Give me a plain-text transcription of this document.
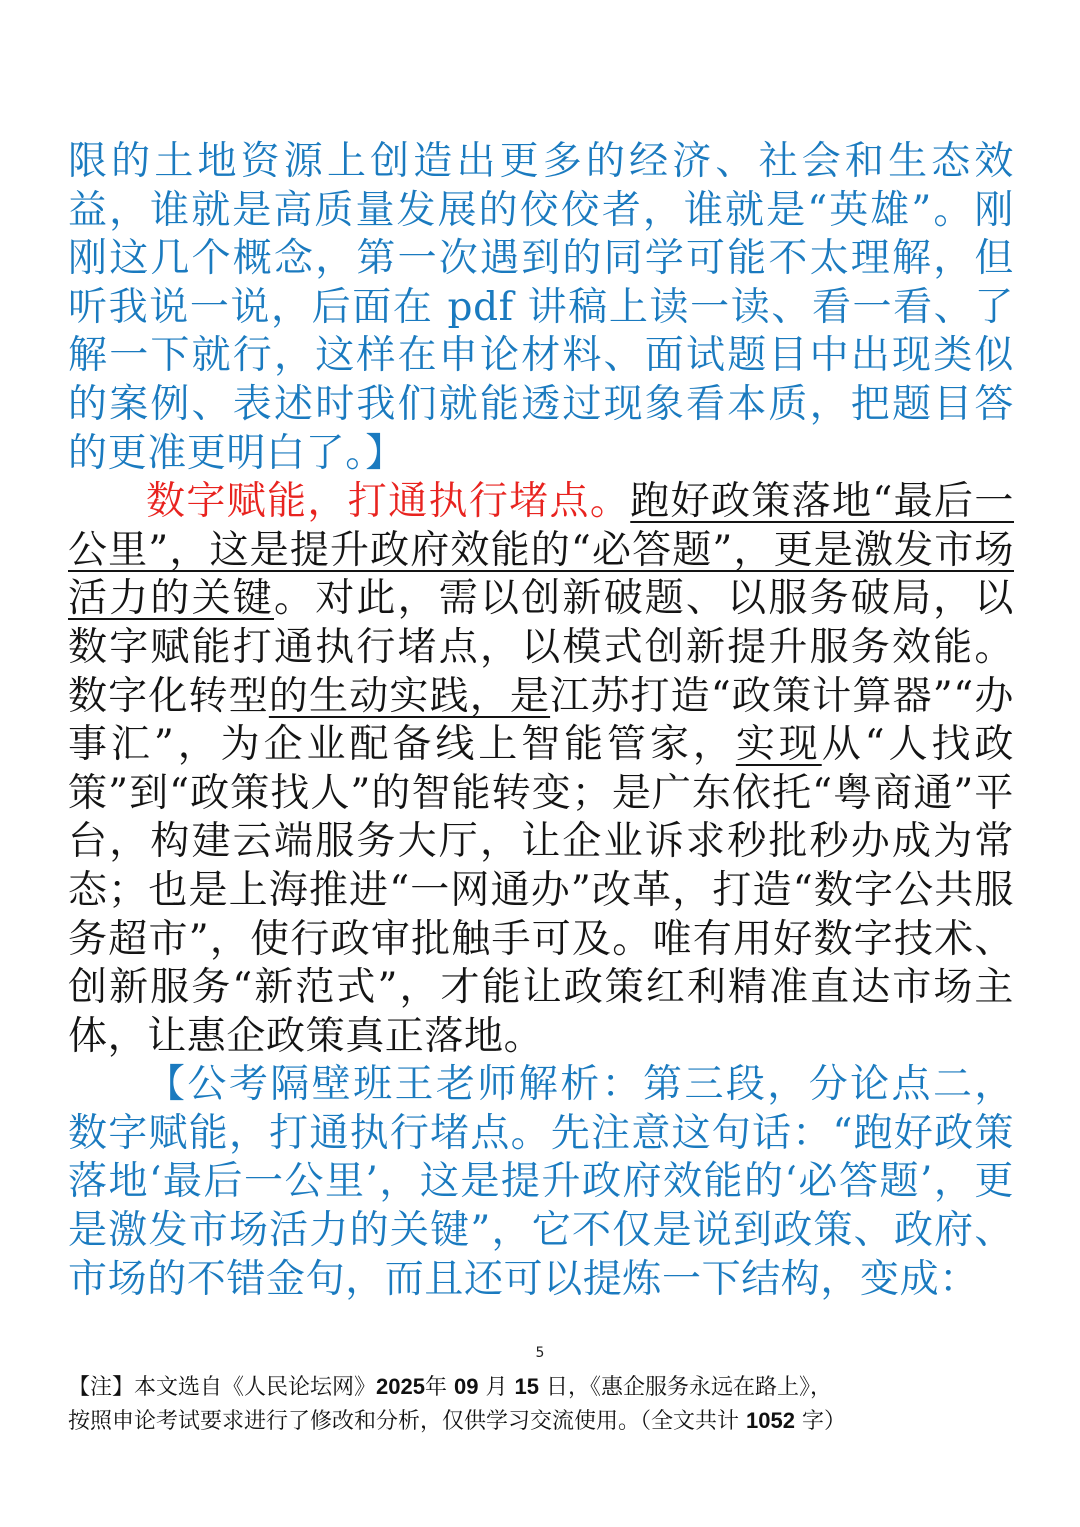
限的土地资源上创造出更多的经济、社会和生态效益，谁就是高质量发展的佼佼者，谁就是“英雄”。刚刚这几个概念，第一次遇到的同学可能不太理解，但听我说一说，后面在 pdf 讲稿上读一读、看一看、了解一下就行，这样在申论材料、面试题目中出现类似的案例、表述时我们就能透过现象看本质，把题目答的更准更明白了。】

数字赋能，打通执行堵点。跑好政策落地“最后一公里”，这是提升政府效能的“必答题”，更是激发市场活力的关键。对此，需以创新破题、以服务破局，以数字赋能打通执行堵点，以模式创新提升服务效能。数字化转型的生动实践，是江苏打造“政策计算器”“办事汇”，为企业配备线上智能管家，实现从“人找政策”到“政策找人”的智能转变；是广东依托“粤商通”平台，构建云端服务大厅，让企业诉求秒批秒办成为常态；也是上海推进“一网通办”改革，打造“数字公共服务超市”，使行政审批触手可及。唯有用好数字技术、创新服务“新范式”，才能让政策红利精准直达市场主体，让惠企政策真正落地。

【公考隔壁班王老师解析：第三段，分论点二，数字赋能，打通执行堵点。先注意这句话：“跑好政策落地‘最后一公里’，这是提升政府效能的‘必答题’，更是激发市场活力的关键”，它不仅是说到政策、政府、市场的不错金句，而且还可以提炼一下结构，变成：

5

【注】本文选自《人民论坛网》2025年 09 月 15 日，《惠企服务永远在路上》，

按照申论考试要求进行了修改和分析，仅供学习交流使用。（全文共计 1052 字）
